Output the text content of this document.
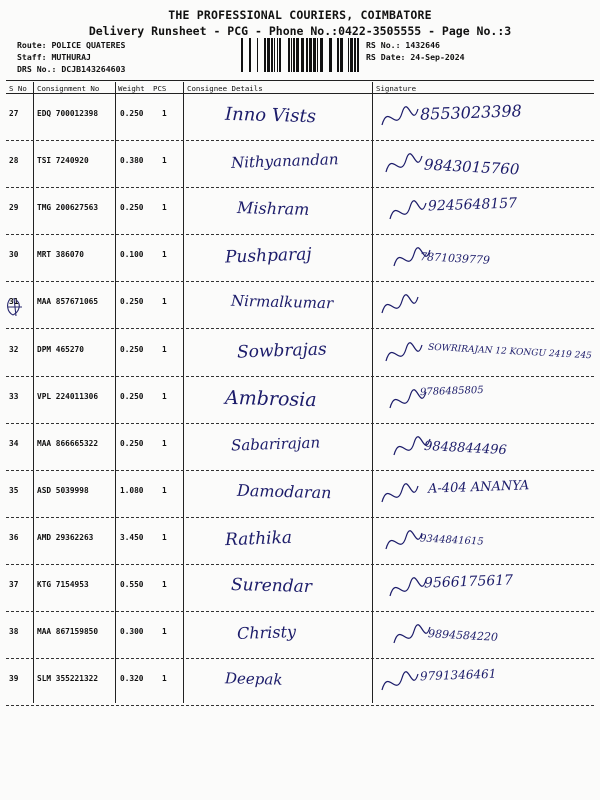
THE PROFESSIONAL COURIERS, COIMBATORE
Delivery Runsheet - PCG - Phone No.:0422-3505555 - Page No.:3
Route: POLICE QUATERES
Staff: MUTHURAJ
DRS No.: DCJB143264603
RS No.: 1432646
RS Date: 24-Sep-2024
S No Consignment No	Weight PCS	Consignee Details	Signature
27 EDQ 700012398	0.250 1	Inno Vists	8553023398
28 TSI 7240920	0.380 1	Nithyanandan	9843015760
29 TMG 200627563	0.250 1	Mishram	9245648157
30 MRT 386070	0.100 1	Pushparaj	7871039779
31 MAA 857671065	0.250 1	Nirmalkumar
32 DPM 465270	0.250 1	Sowbrajas	SOWRIRAJAN 12 KONGU 2419 245
33 VPL 224011306	0.250 1	Ambrosia	9786485805
34 MAA 866665322	0.250 1	Sabarirajan	9848844496
35 ASD 5039998	1.080 1	Damodaran	A-404 ANANYA
36 AMD 29362263	3.450 1	Rathika	9344841615
37 KTG 7154953	0.550 1	Surendar	9566175617
38 MAA 867159850	0.300 1	Christy	9894584220
39 SLM 355221322	0.320 1	Deepak	9791346461
